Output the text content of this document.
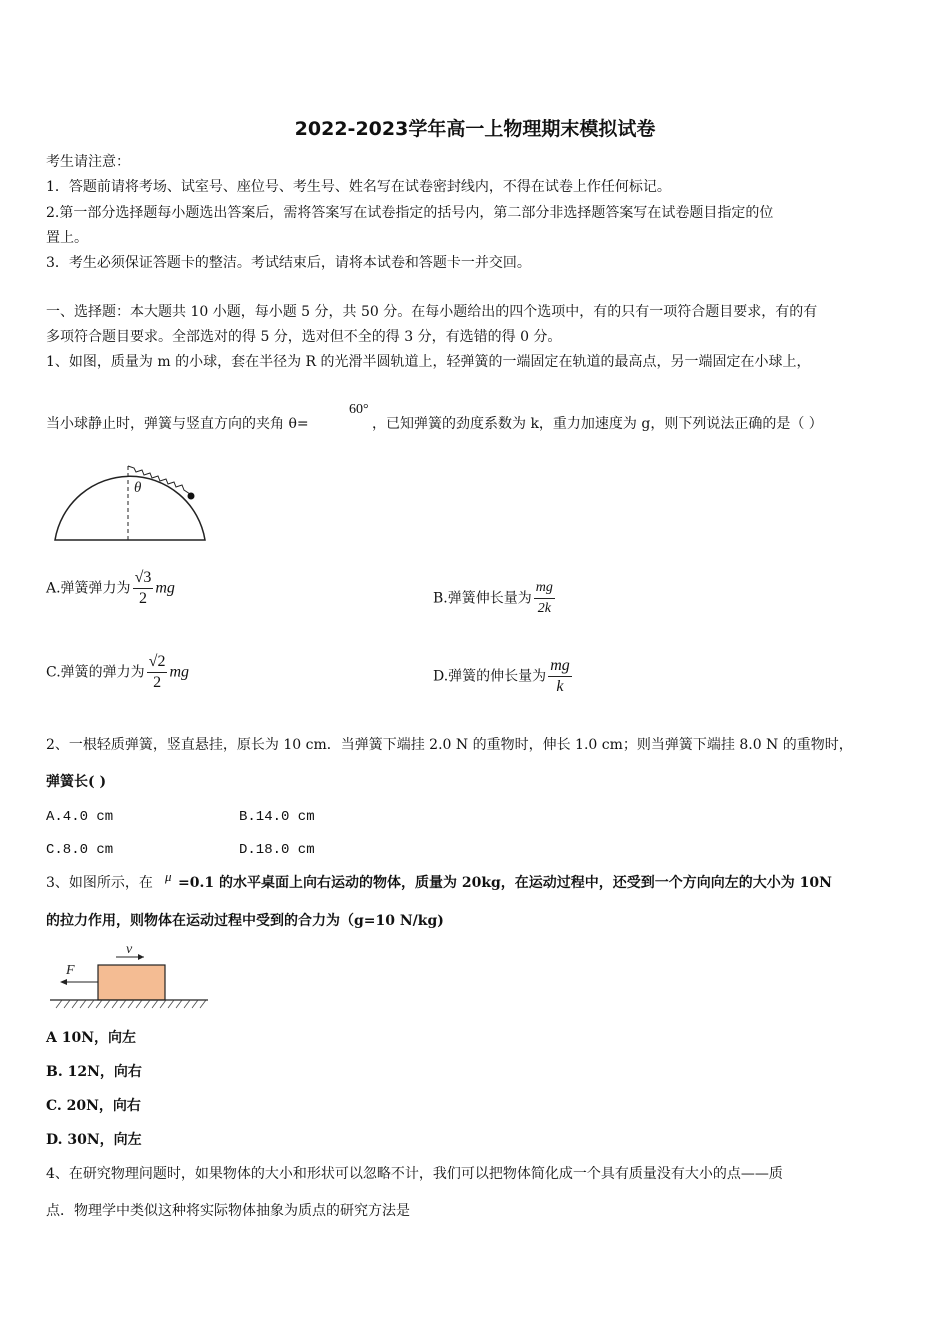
2022-2023学年高一上物理期末模拟试卷
考生请注意：
1．答题前请将考场、试室号、座位号、考生号、姓名写在试卷密封线内，不得在试卷上作任何标记。
2.第一部分选择题每小题选出答案后，需将答案写在试卷指定的括号内，第二部分非选择题答案写在试卷题目指定的位
置上。
3．考生必须保证答题卡的整洁。考试结束后，请将本试卷和答题卡一并交回。
一、选择题：本大题共 10 小题，每小题 5 分，共 50 分。在每小题给出的四个选项中，有的只有一项符合题目要求，有的有
多项符合题目要求。全部选对的得 5 分，选对但不全的得 3 分，有选错的得 0 分。
1、如图，质量为 m 的小球，套在半径为 R 的光滑半圆轨道上，轻弹簧的一端固定在轨道的最高点，另一端固定在小球上，
当小球静止时，弹簧与竖直方向的夹角 θ=
60°
，已知弹簧的劲度系数为 k，重力加速度为 g，则下列说法正确的是（ ）
θ
A.弹簧弹力为 $\frac{√3}{2}$ mg
B.弹簧伸长量为 $\frac{mg}{2k}$
C.弹簧的弹力为 $\frac{√2}{2}$ mg	D.弹簧的伸长量为 $\frac{mg}{k}$
2、一根轻质弹簧，竖直悬挂，原长为 10 cm．当弹簧下端挂 2.0 N 的重物时，伸长 1.0 cm；则当弹簧下端挂 8.0 N 的重物时，
弹簧长( )
A.4.0 cm	B.14.0 cm
C.8.0 cm	D.18.0 cm
3、如图所示，在 μ =0.1 的水平桌面上向右运动的物体，质量为 20kg，在运动过程中，还受到一个方向向左的大小为 10N
的拉力作用，则物体在运动过程中受到的合力为（g=10 N/kg)
v
F
A 10N，向左
B. 12N，向右
C. 20N，向右
D. 30N，向左
4、在研究物理问题时，如果物体的大小和形状可以忽略不计，我们可以把物体简化成一个具有质量没有大小的点——质
点．物理学中类似这种将实际物体抽象为质点的研究方法是
